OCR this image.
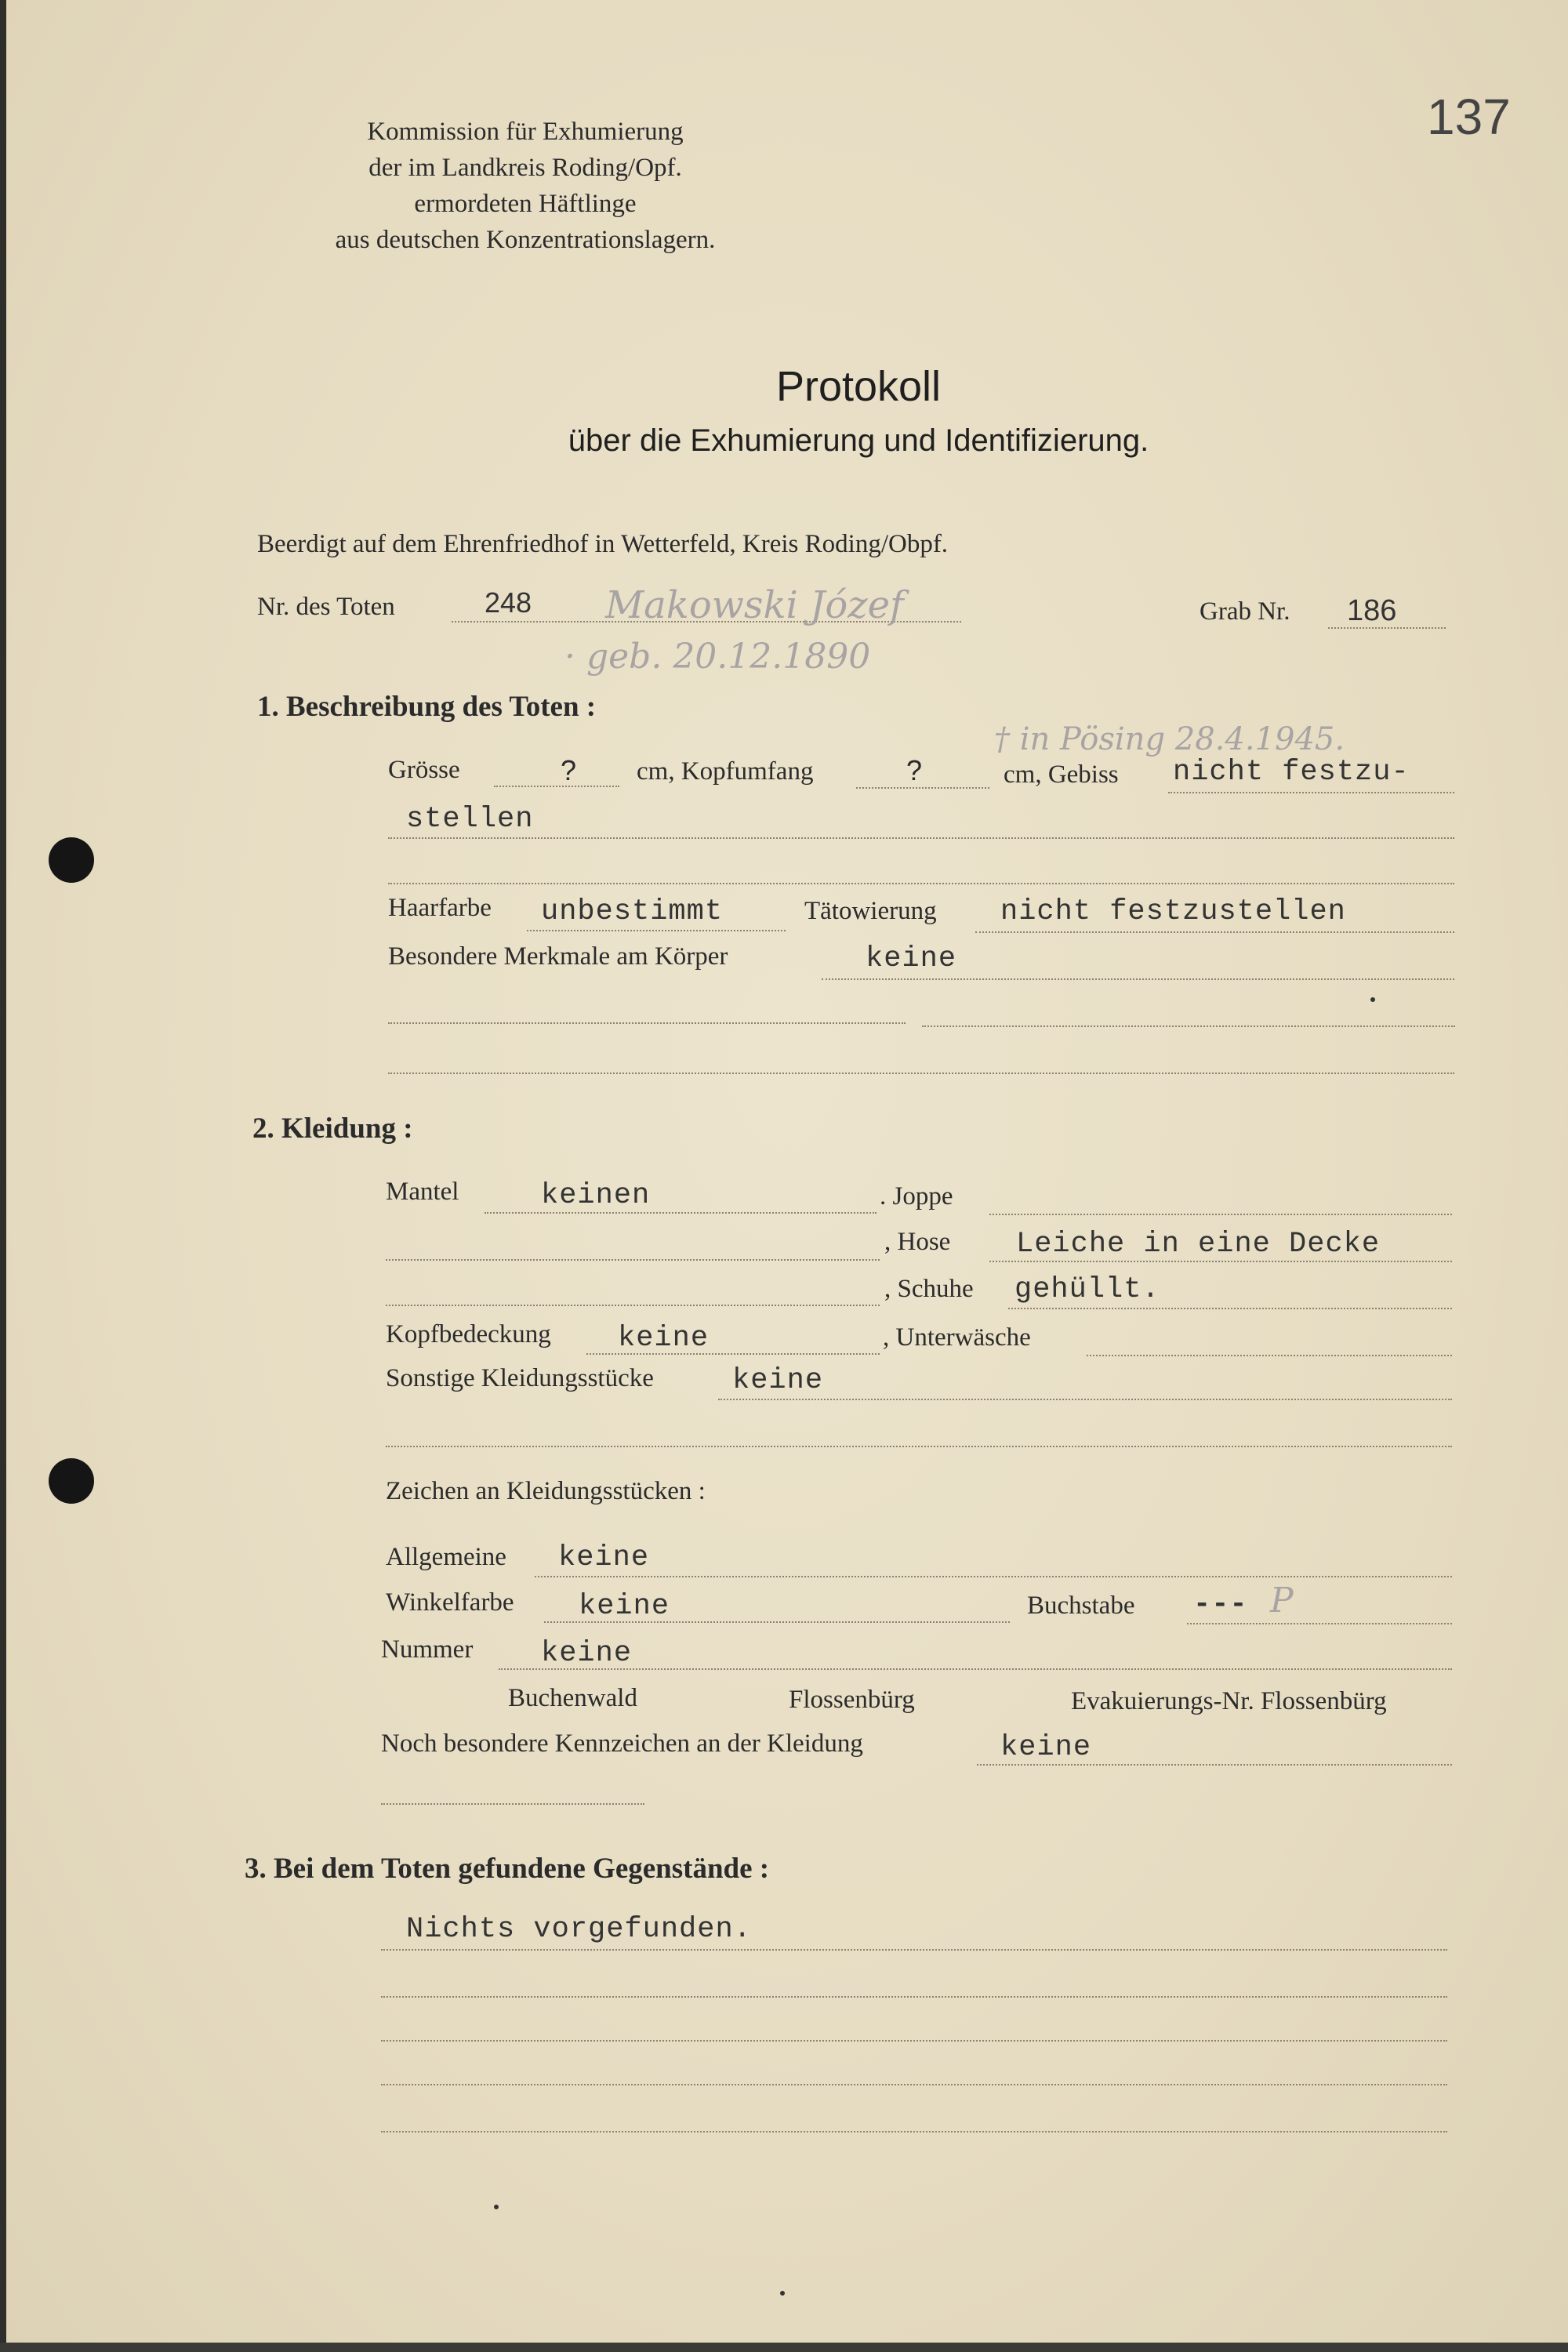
137
Kommission für Exhumierung
der im Landkreis Roding/Opf.
ermordeten Häftlinge
aus deutschen Konzentrationslagern.
Protokoll
über die Exhumierung und Identifizierung.
Beerdigt auf dem Ehrenfriedhof in Wetterfeld, Kreis Roding/Obpf.
Nr. des Toten	248 Makowski Józef
· geb. 20.12.1890
Grab Nr. 186
1. Beschreibung des Toten :
† in Pösing 28.4.1945.
Grösse	? cm, Kopfumfang	?	cm, Gebiss nicht festzu-
stellen
Haarfarbe unbestimmt	Tätowierung nicht festzustellen
Besondere Merkmale am Körper	keine
2. Kleidung :
Mantel	keinen	. Joppe
, Hose Leiche in eine Decke
, Schuhe gehüllt.
Kopfbedeckung keine	, Unterwäsche
Sonstige Kleidungsstücke	keine
Zeichen an Kleidungsstücken :
Allgemeine keine
Winkelfarbe keine	Buchstabe --- P
Nummer keine
Buchenwald	Flossenbürg	Evakuierungs-Nr. Flossenbürg
Noch besondere Kennzeichen an der Kleidung	keine
3. Bei dem Toten gefundene Gegenstände :
Nichts vorgefunden.
